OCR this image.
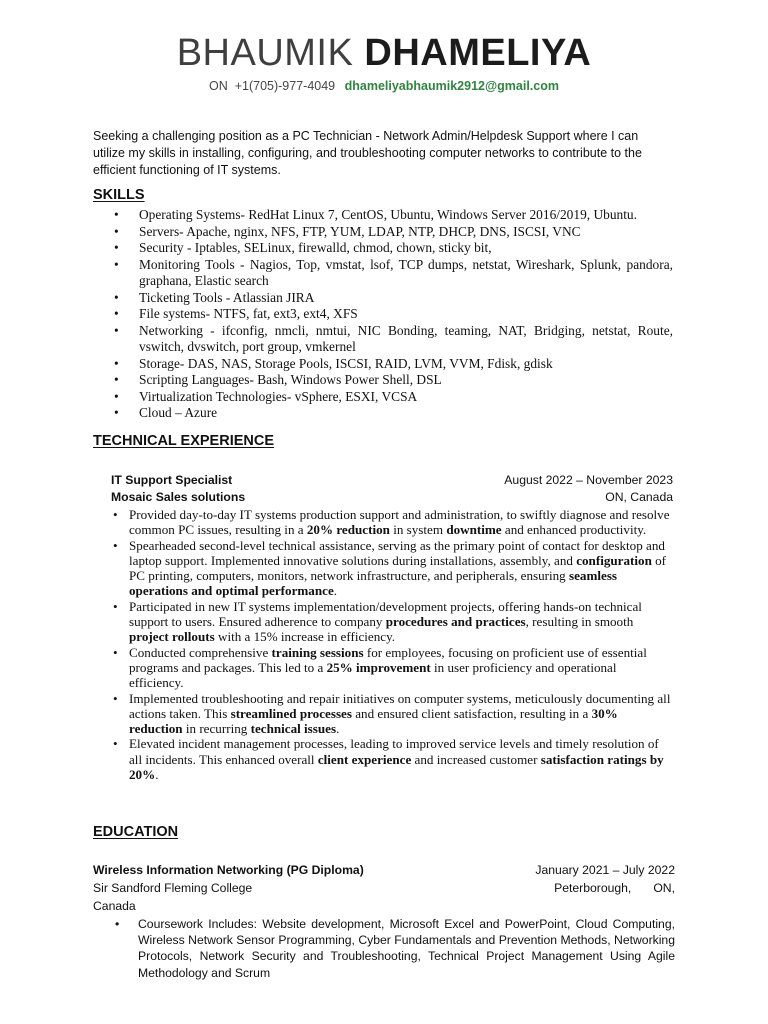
BHAUMIK DHAMELIYA
ON  +1(705)-977-4049 dhameliyabhaumik2912@gmail.com
Seeking a challenging position as a PC Technician - Network Admin/Helpdesk Support where I can utilize my skills in installing, configuring, and troubleshooting computer networks to contribute to the efficient functioning of IT systems.
SKILLS
• Operating Systems- RedHat Linux 7, CentOS, Ubuntu, Windows Server 2016/2019, Ubuntu.
• Servers- Apache, nginx, NFS, FTP, YUM, LDAP, NTP, DHCP, DNS, ISCSI, VNC
• Security - Iptables, SELinux, firewalld, chmod, chown, sticky bit,
• Monitoring Tools - Nagios, Top, vmstat, lsof, TCP dumps, netstat, Wireshark, Splunk, pandora, graphana, Elastic search
• Ticketing Tools - Atlassian JIRA
• File systems- NTFS, fat, ext3, ext4, XFS
• Networking - ifconfig, nmcli, nmtui, NIC Bonding, teaming, NAT, Bridging, netstat, Route, vswitch, dvswitch, port group, vmkernel
• Storage- DAS, NAS, Storage Pools, ISCSI, RAID, LVM, VVM, Fdisk, gdisk
• Scripting Languages- Bash, Windows Power Shell, DSL
• Virtualization Technologies- vSphere, ESXI, VCSA
• Cloud – Azure
TECHNICAL EXPERIENCE
IT Support Specialist	August 2022 – November 2023
Mosaic Sales solutions	ON, Canada
• Provided day-to-day IT systems production support and administration, to swiftly diagnose and resolve common PC issues, resulting in a 20% reduction in system downtime and enhanced productivity.
• Spearheaded second-level technical assistance, serving as the primary point of contact for desktop and laptop support. Implemented innovative solutions during installations, assembly, and configuration of PC printing, computers, monitors, network infrastructure, and peripherals, ensuring seamless operations and optimal performance.
• Participated in new IT systems implementation/development projects, offering hands-on technical support to users. Ensured adherence to company procedures and practices, resulting in smooth project rollouts with a 15% increase in efficiency.
• Conducted comprehensive training sessions for employees, focusing on proficient use of essential programs and packages. This led to a 25% improvement in user proficiency and operational efficiency.
• Implemented troubleshooting and repair initiatives on computer systems, meticulously documenting all actions taken. This streamlined processes and ensured client satisfaction, resulting in a 30% reduction in recurring technical issues.
• Elevated incident management processes, leading to improved service levels and timely resolution of all incidents. This enhanced overall client experience and increased customer satisfaction ratings by 20%.
EDUCATION
Wireless Information Networking (PG Diploma)	January 2021 – July 2022
Sir Sandford Fleming College	Peterborough, ON,
Canada
• Coursework Includes: Website development, Microsoft Excel and PowerPoint, Cloud Computing, Wireless Network Sensor Programming, Cyber Fundamentals and Prevention Methods, Networking Protocols, Network Security and Troubleshooting, Technical Project Management Using Agile Methodology and Scrum
